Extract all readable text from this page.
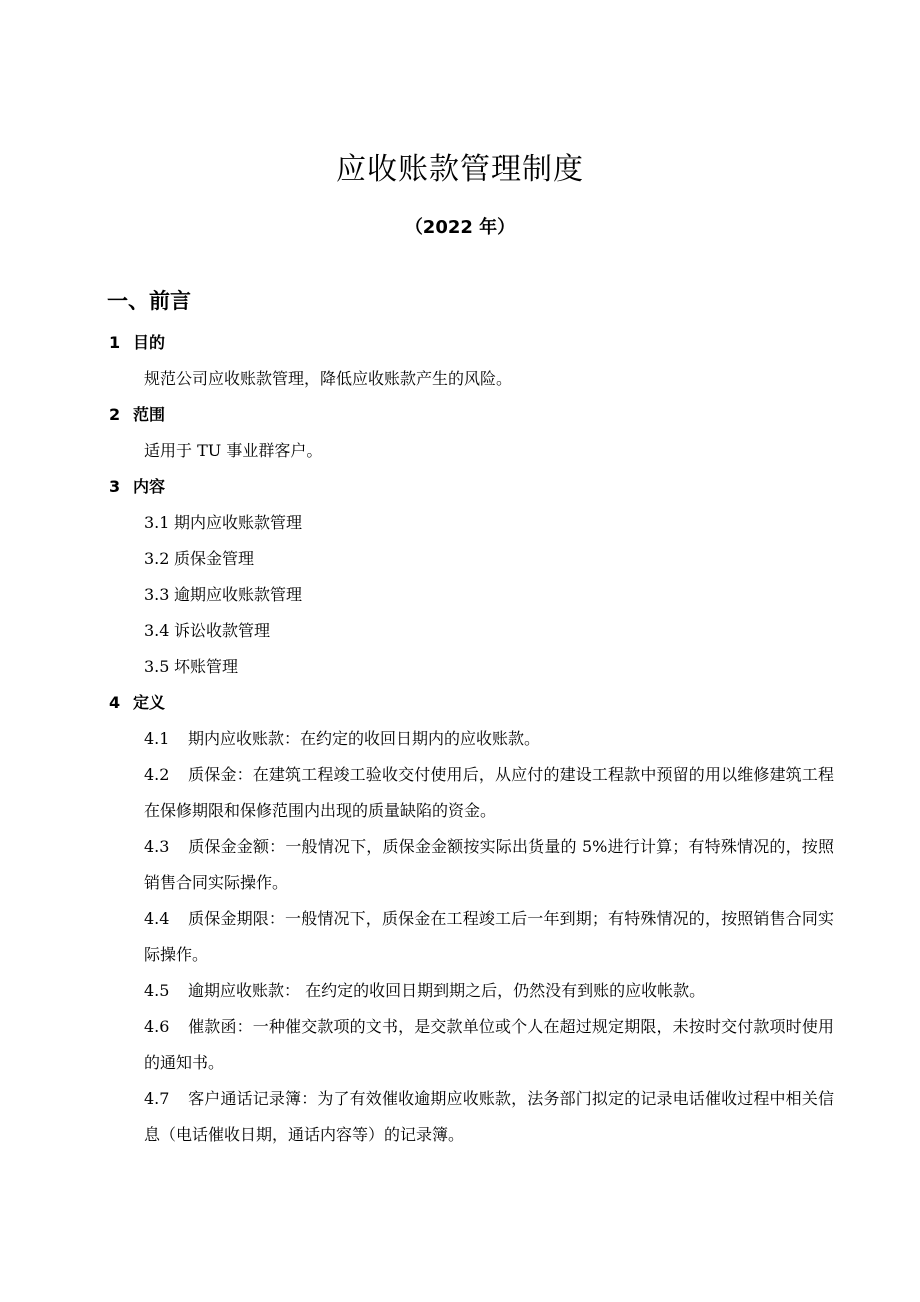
应收账款管理制度
（2022 年）
一、前言
1 目的
规范公司应收账款管理，降低应收账款产生的风险。
2 范围
适用于 TU 事业群客户。
3 内容
3.1 期内应收账款管理
3.2 质保金管理
3.3 逾期应收账款管理
3.4 诉讼收款管理
3.5 坏账管理
4 定义
4.1 期内应收账款：在约定的收回日期内的应收账款。
4.2 质保金：在建筑工程竣工验收交付使用后，从应付的建设工程款中预留的用以维修建筑工程在保修期限和保修范围内出现的质量缺陷的资金。
4.3 质保金金额：一般情况下，质保金金额按实际出货量的 5%进行计算；有特殊情况的，按照销售合同实际操作。
4.4 质保金期限：一般情况下，质保金在工程竣工后一年到期；有特殊情况的，按照销售合同实际操作。
4.5 逾期应收账款： 在约定的收回日期到期之后，仍然没有到账的应收帐款。
4.6 催款函：一种催交款项的文书，是交款单位或个人在超过规定期限，未按时交付款项时使用的通知书。
4.7 客户通话记录簿：为了有效催收逾期应收账款，法务部门拟定的记录电话催收过程中相关信息（电话催收日期，通话内容等）的记录簿。
